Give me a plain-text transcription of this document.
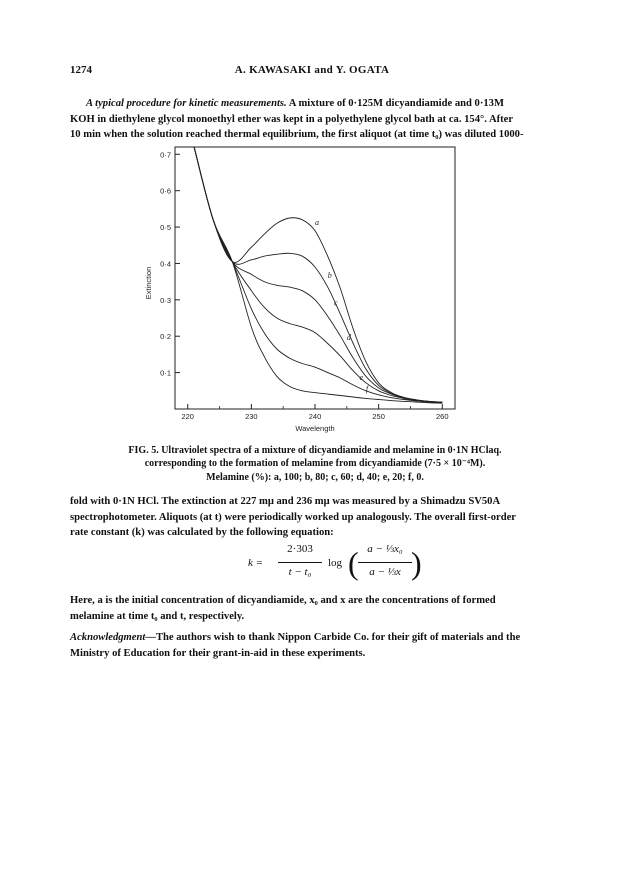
1274	A. KAWASAKI and Y. OGATA
A typical procedure for kinetic measurements. A mixture of 0·125M dicyandiamide and 0·13M
KOH in diethylene glycol monoethyl ether was kept in a polyethylene glycol bath at ca. 154°. After
10 min when the solution reached thermal equilibrium, the first aliquot (at time t₀) was diluted 1000-
0·1
0·2
0·3
0·4
0·5
0·6
0·7
220	230	240	250	260
Wavelength
Extinction
a
b
c
d
e
f
FIG. 5. Ultraviolet spectra of a mixture of dicyandiamide and melamine in 0·1N HClaq.
corresponding to the formation of melamine from dicyandiamide (7·5 × 10⁻⁴M).
Melamine (%): a, 100; b, 80; c, 60; d, 40; e, 20; f, 0.
fold with 0·1N HCl. The extinction at 227 mμ and 236 mμ was measured by a Shimadzu SV50A
spectrophotometer. Aliquots (at t) were periodically worked up analogously. The overall first-order
rate constant (k) was calculated by the following equation:
k =
2·303
t − t₀
log ( a − ⅓x₀
a − ⅓x )
Here, a is the initial concentration of dicyandiamide, x₀ and x are the concentrations of formed
melamine at time t₀ and t, respectively.
Acknowledgment—The authors wish to thank Nippon Carbide Co. for their gift of materials and the
Ministry of Education for their grant-in-aid in these experiments.
